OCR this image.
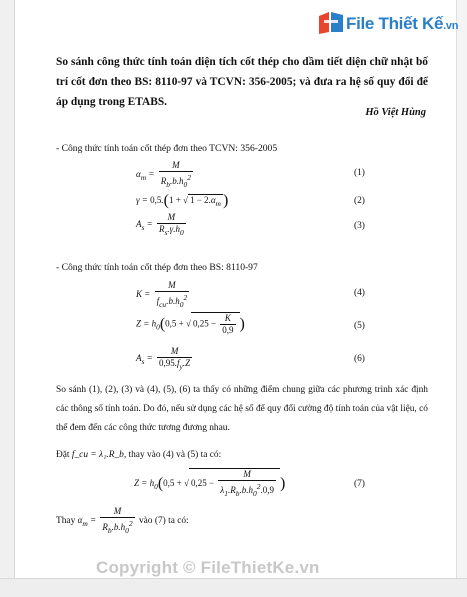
File Thiết Kế.vn
So sánh công thức tính toán diện tích cốt thép cho dầm tiết diện chữ nhật bố trí cốt đơn theo BS: 8110-97 và TCVN: 356-2005; và đưa ra hệ số quy đổi để áp dụng trong ETABS.
Hồ Việt Hùng
- Công thức tính toán cốt thép đơn theo TCVN: 356-2005
$\alpha_m = \frac{M}{R_b.b.h_0^2}$	(1)
γ = 0,5.(1 + √ $1 - 2.\alpha_m$ )	(2)
$A_s = \frac{M}{R_s.\gamma.h_0}$	(3)
- Công thức tính toán cốt thép đơn theo BS: 8110-97
$K = \frac{M}{f_{cu}.b.h_0^2}$	(4)
$Z = h_0(0,5$ + √ $0,25 - \frac{K}{0,9}$ )	(5)
$A_s = \frac{M}{0,95.f_y.Z}$	(6)
So sánh (1), (2), (3) và (4), (5), (6) ta thấy có những điểm chung giữa các phương trình xác định các thông số tính toán. Do đó, nếu sử dụng các hệ số để quy đổi cường độ tính toán của vật liệu, có thể đem đến các công thức tương đương nhau.
Đặt f_cu = λ₁.R_b, thay vào (4) và (5) ta có:
$Z = h_0(0,5$ + √ $0,25 - \frac{M}{\lambda_1.R_b.b.h_0^2.0,9}$ )	(7)
Thay $\alpha_m = \frac{M}{R_b.b.h_0^2}$ vào (7) ta có:
Copyright © FileThietKe.vn
